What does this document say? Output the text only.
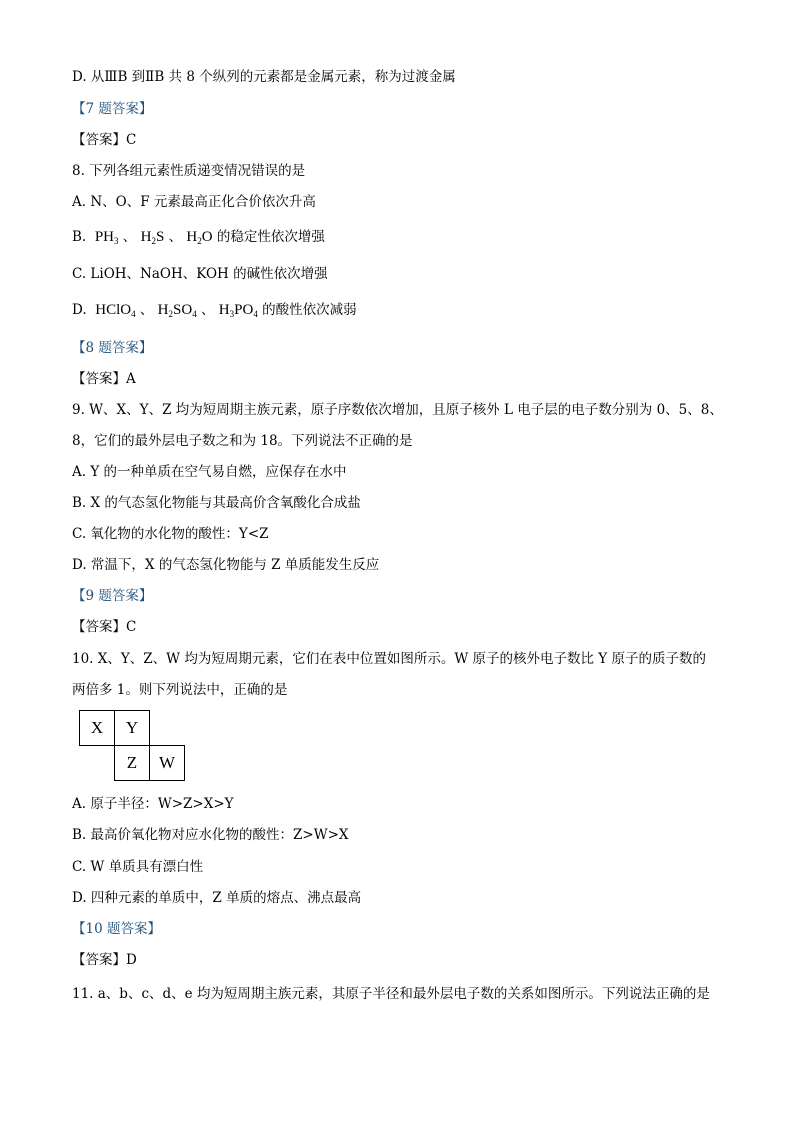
D. 从ⅢB 到ⅡB 共 8 个纵列的元素都是金属元素，称为过渡金属
【7 题答案】
【答案】C
8. 下列各组元素性质递变情况错误的是
A. N、O、F 元素最高正化合价依次升高
B. $PH_3$ 、 $H_2S$ 、 $H_2O$ 的稳定性依次增强
C. LiOH、NaOH、KOH 的碱性依次增强
D. HClO$_4$ 、 $H_2SO_4$ 、 $H_3PO_4$ 的酸性依次减弱
【8 题答案】
【答案】A
9. W、X、Y、Z 均为短周期主族元素，原子序数依次增加，且原子核外 L 电子层的电子数分别为 0、5、8、
8，它们的最外层电子数之和为 18。下列说法不正确的是
A. Y 的一种单质在空气易自燃，应保存在水中
B. X 的气态氢化物能与其最高价含氧酸化合成盐
C. 氧化物的水化物的酸性：Y<Z
D. 常温下，X 的气态氢化物能与 Z 单质能发生反应
【9 题答案】
【答案】C
10. X、Y、Z、W 均为短周期元素，它们在表中位置如图所示。W 原子的核外电子数比 Y 原子的质子数的
两倍多 1。则下列说法中，正确的是
X	Y
Z	W
A. 原子半径：W>Z>X>Y
B. 最高价氧化物对应水化物的酸性：Z>W>X
C. W 单质具有漂白性
D. 四种元素的单质中，Z 单质的熔点、沸点最高
【10 题答案】
【答案】D
11. a、b、c、d、e 均为短周期主族元素，其原子半径和最外层电子数的关系如图所示。下列说法正确的是
